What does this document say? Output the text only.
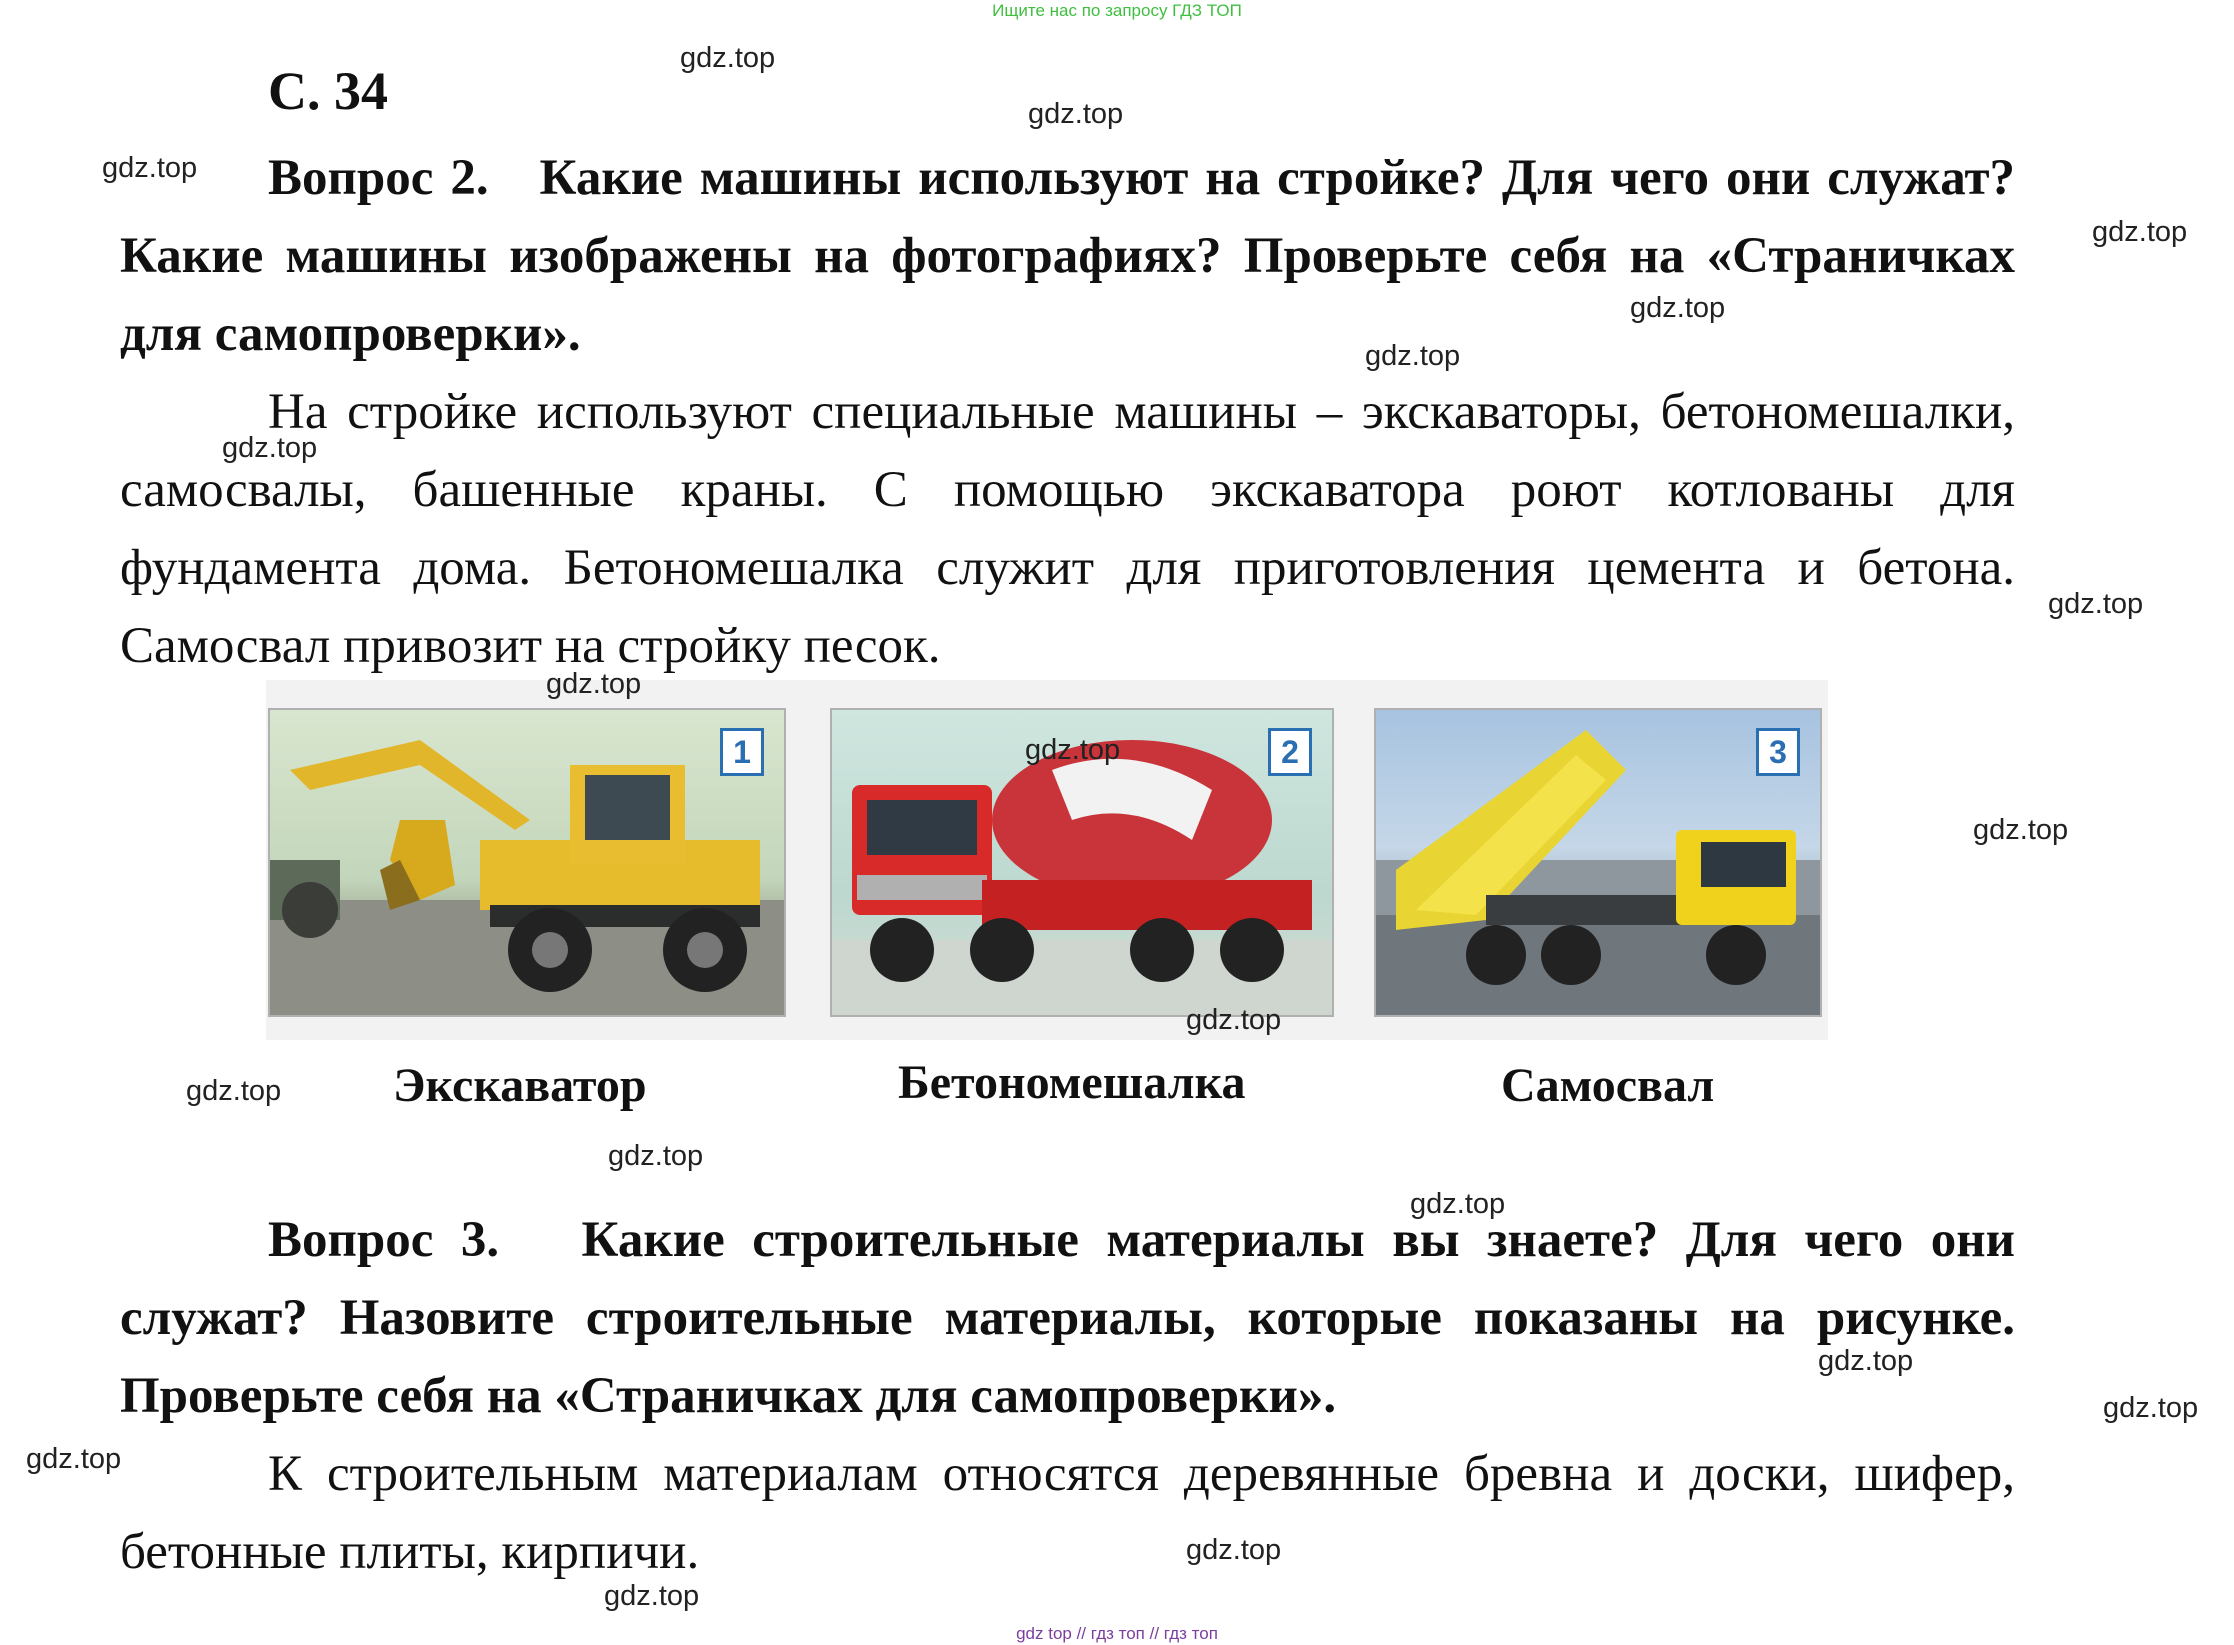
Ищите нас по запросу ГДЗ ТОП
С. 34
Вопрос 2. Какие машины используют на стройке? Для чего они служат? Какие машины изображены на фотографиях? Проверьте себя на «Страничках для самопроверки».
На стройке используют специальные машины – экскаваторы, бетономешалки, самосвалы, башенные краны. С помощью экскаватора роют котлованы для фундамента дома. Бетономешалка служит для приготовления цемента и бетона. Самосвал привозит на стройку песок.
1	2	3
Экскаватор	Бетономешалка	Самосвал
Вопрос 3. Какие строительные материалы вы знаете? Для чего они служат? Назовите строительные материалы, которые показаны на рисунке. Проверьте себя на «Страничках для самопроверки».
К строительным материалам относятся деревянные бревна и доски, шифер, бетонные плиты, кирпичи.
gdz.top
gdz.top
gdz.top
gdz.top
gdz.top
gdz.top
gdz.top
gdz.top
gdz.top
gdz.top
gdz.top
gdz.top
gdz.top
gdz.top
gdz.top
gdz.top
gdz.top
gdz.top
gdz.top
gdz.top
gdz top // гдз топ // гдз топ
